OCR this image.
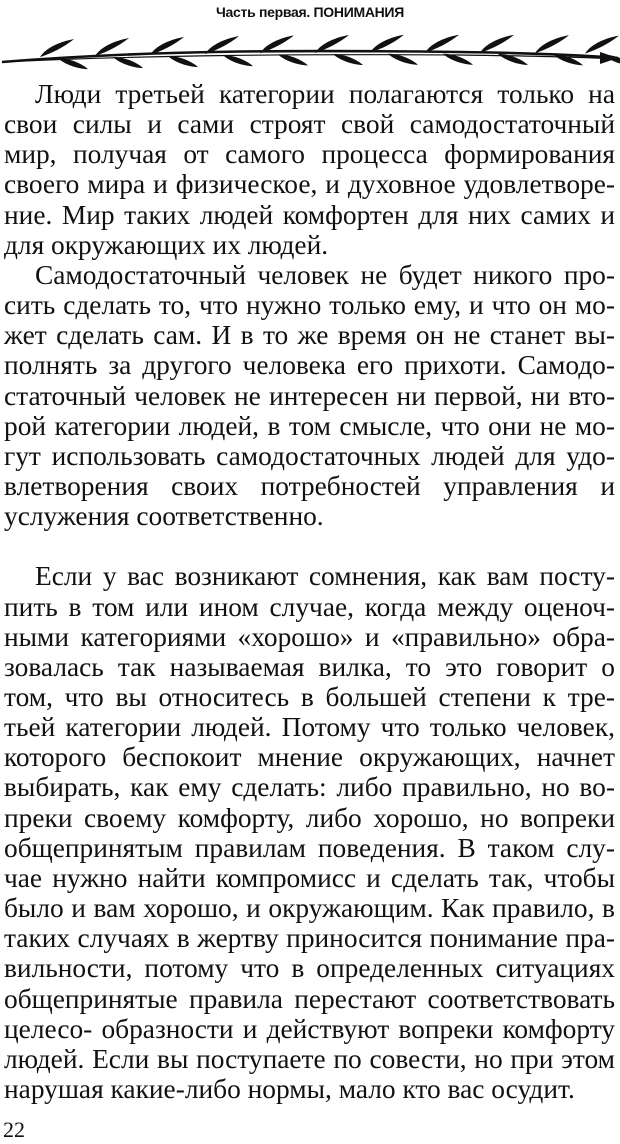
Часть первая. ПОНИМАНИЯ

Люди третьей категории полагаются только на свои силы и сами строят свой самодостаточный мир, получая от самого процесса формирования своего мира и физическое, и духовное удовлетворение. Мир таких людей комфортен для них самих и для окружающих их людей.

Самодостаточный человек не будет никого просить сделать то, что нужно только ему, и что он может сделать сам. И в то же время он не станет выполнять за другого человека его прихоти. Самодостаточный человек не интересен ни первой, ни второй категории людей, в том смысле, что они не могут использовать самодостаточных людей для удовлетворения своих потребностей управления и услужения соответственно.

Если у вас возникают сомнения, как вам поступить в том или ином случае, когда между оценочными категориями «хорошо» и «правильно» образовалась так называемая вилка, то это говорит о том, что вы относитесь в большей степени к третьей категории людей. Потому что только человек, которого беспокоит мнение окружающих, начнет выбирать, как ему сделать: либо правильно, но вопреки своему комфорту, либо хорошо, но вопреки общепринятым правилам поведения. В таком случае нужно найти компромисс и сделать так, чтобы было и вам хорошо, и окружающим. Как правило, в таких случаях в жертву приносится понимание правильности, потому что в определенных ситуациях общепринятые правила перестают соответствовать целесо- образности и действуют вопреки комфорту людей. Если вы поступаете по совести, но при этом нарушая какие-либо нормы, мало кто вас осудит.

22
